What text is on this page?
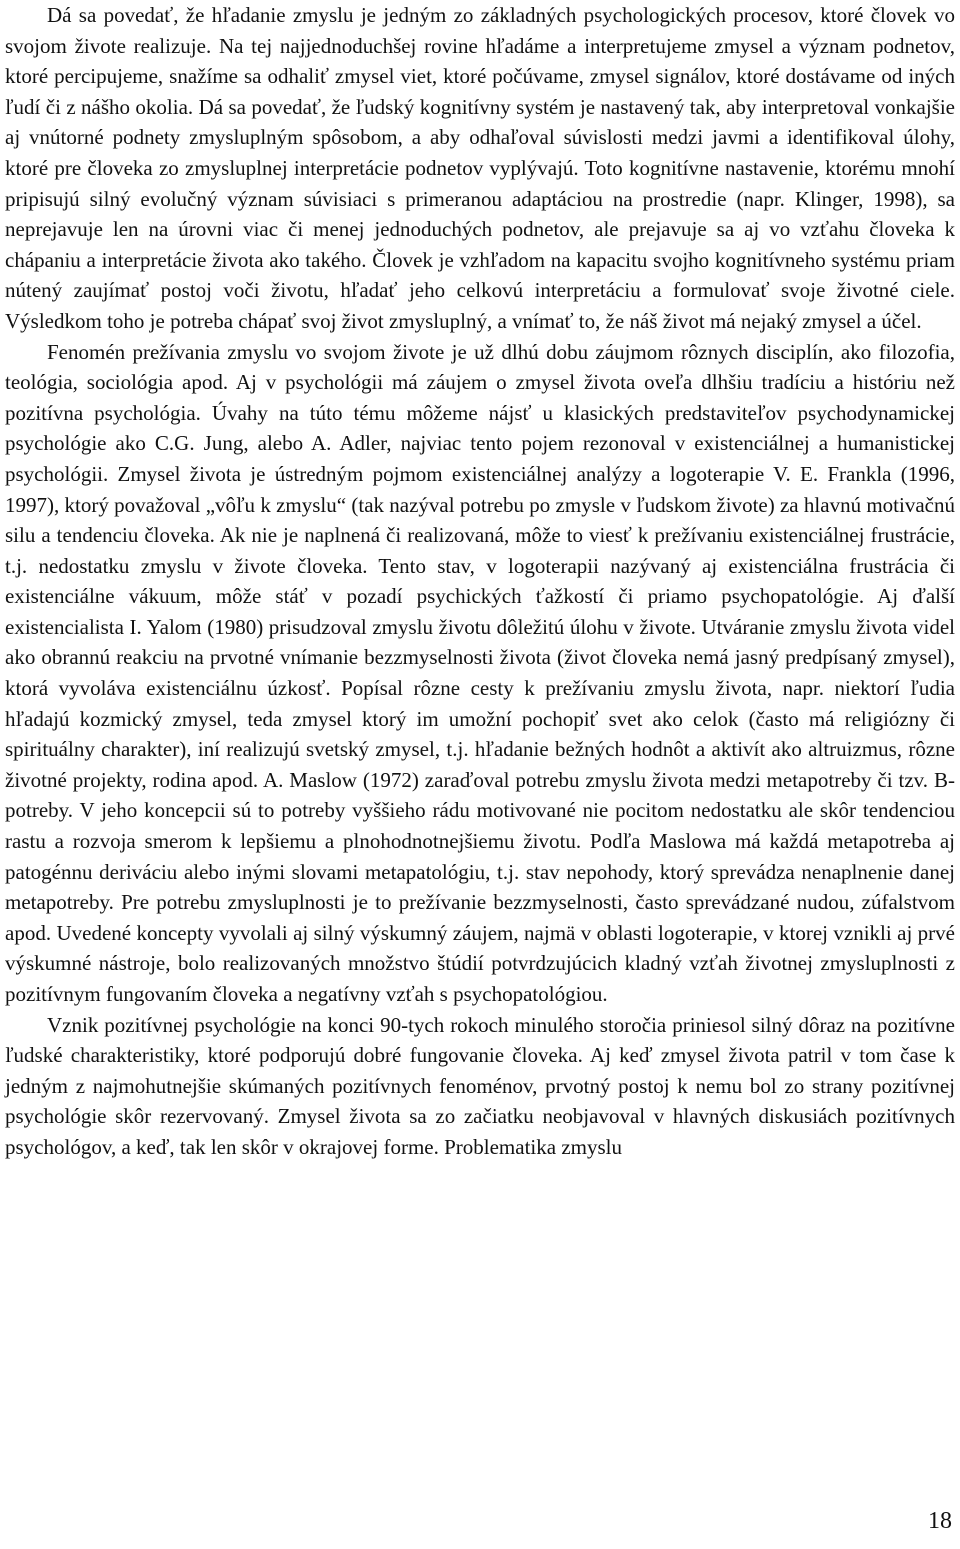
Dá sa povedať, že hľadanie zmyslu je jedným zo základných psychologických procesov, ktoré človek vo svojom živote realizuje. Na tej najjednoduchšej rovine hľadáme a interpretujeme zmysel a význam podnetov, ktoré percipujeme, snažíme sa odhaliť zmysel viet, ktoré počúvame, zmysel signálov, ktoré dostávame od iných ľudí či z nášho okolia. Dá sa povedať, že ľudský kognitívny systém je nastavený tak, aby interpretoval vonkajšie aj vnútorné podnety zmysluplným spôsobom, a aby odhaľoval súvislosti medzi javmi a identifikoval úlohy, ktoré pre človeka zo zmysluplnej interpretácie podnetov vyplývajú. Toto kognitívne nastavenie, ktorému mnohí pripisujú silný evolučný význam súvisiaci s primeranou adaptáciou na prostredie (napr. Klinger, 1998), sa neprejavuje len na úrovni viac či menej jednoduchých podnetov, ale prejavuje sa aj vo vzťahu človeka k chápaniu a interpretácie života ako takého. Človek je vzhľadom na kapacitu svojho kognitívneho systému priam nútený zaujímať postoj voči životu, hľadať jeho celkovú interpretáciu a formulovať svoje životné ciele. Výsledkom toho je potreba chápať svoj život zmysluplný, a vnímať to, že náš život má nejaký zmysel a účel.

Fenomén prežívania zmyslu vo svojom živote je už dlhú dobu záujmom rôznych disciplín, ako filozofia, teológia, sociológia apod. Aj v psychológii má záujem o zmysel života oveľa dlhšiu tradíciu a históriu než pozitívna psychológia. Úvahy na túto tému môžeme nájsť u klasických predstaviteľov psychodynamickej psychológie ako C.G. Jung, alebo A. Adler, najviac tento pojem rezonoval v existenciálnej a humanistickej psychológii. Zmysel života je ústredným pojmom existenciálnej analýzy a logoterapie V. E. Frankla (1996, 1997), ktorý považoval „vôľu k zmyslu“ (tak nazýval potrebu po zmysle v ľudskom živote) za hlavnú motivačnú silu a tendenciu človeka. Ak nie je naplnená či realizovaná, môže to viesť k prežívaniu existenciálnej frustrácie, t.j. nedostatku zmyslu v živote človeka. Tento stav, v logoterapii nazývaný aj existenciálna frustrácia či existenciálne vákuum, môže stáť v pozadí psychických ťažkostí či priamo psychopatológie. Aj ďalší existencialista I. Yalom (1980) prisudzoval zmyslu životu dôležitú úlohu v živote. Utváranie zmyslu života videl ako obrannú reakciu na prvotné vnímanie bezzmyselnosti života (život človeka nemá jasný predpísaný zmysel), ktorá vyvoláva existenciálnu úzkosť. Popísal rôzne cesty k prežívaniu zmyslu života, napr. niektorí ľudia hľadajú kozmický zmysel, teda zmysel ktorý im umožní pochopiť svet ako celok (často má religiózny či spirituálny charakter), iní realizujú svetský zmysel, t.j. hľadanie bežných hodnôt a aktivít ako altruizmus, rôzne životné projekty, rodina apod. A. Maslow (1972) zaraďoval potrebu zmyslu života medzi metapotreby či tzv. B-potreby. V jeho koncepcii sú to potreby vyššieho rádu motivované nie pocitom nedostatku ale skôr tendenciou rastu a rozvoja smerom k lepšiemu a plnohodnotnejšiemu životu. Podľa Maslowa má každá metapotreba aj patogénnu deriváciu alebo inými slovami metapatológiu, t.j. stav nepohody, ktorý sprevádza nenaplnenie danej metapotreby. Pre potrebu zmysluplnosti je to prežívanie bezzmyselnosti, často sprevádzané nudou, zúfalstvom apod. Uvedené koncepty vyvolali aj silný výskumný záujem, najmä v oblasti logoterapie, v ktorej vznikli aj prvé výskumné nástroje, bolo realizovaných množstvo štúdií potvrdzujúcich kladný vzťah životnej zmysluplnosti z pozitívnym fungovaním človeka a negatívny vzťah s psychopatológiou.

Vznik pozitívnej psychológie na konci 90-tych rokoch minulého storočia priniesol silný dôraz na pozitívne ľudské charakteristiky, ktoré podporujú dobré fungovanie človeka. Aj keď zmysel života patril v tom čase k jedným z najmohutnejšie skúmaných pozitívnych fenoménov, prvotný postoj k nemu bol zo strany pozitívnej psychológie skôr rezervovaný. Zmysel života sa zo začiatku neobjavoval v hlavných diskusiách pozitívnych psychológov, a keď, tak len skôr v okrajovej forme. Problematika zmyslu

18
